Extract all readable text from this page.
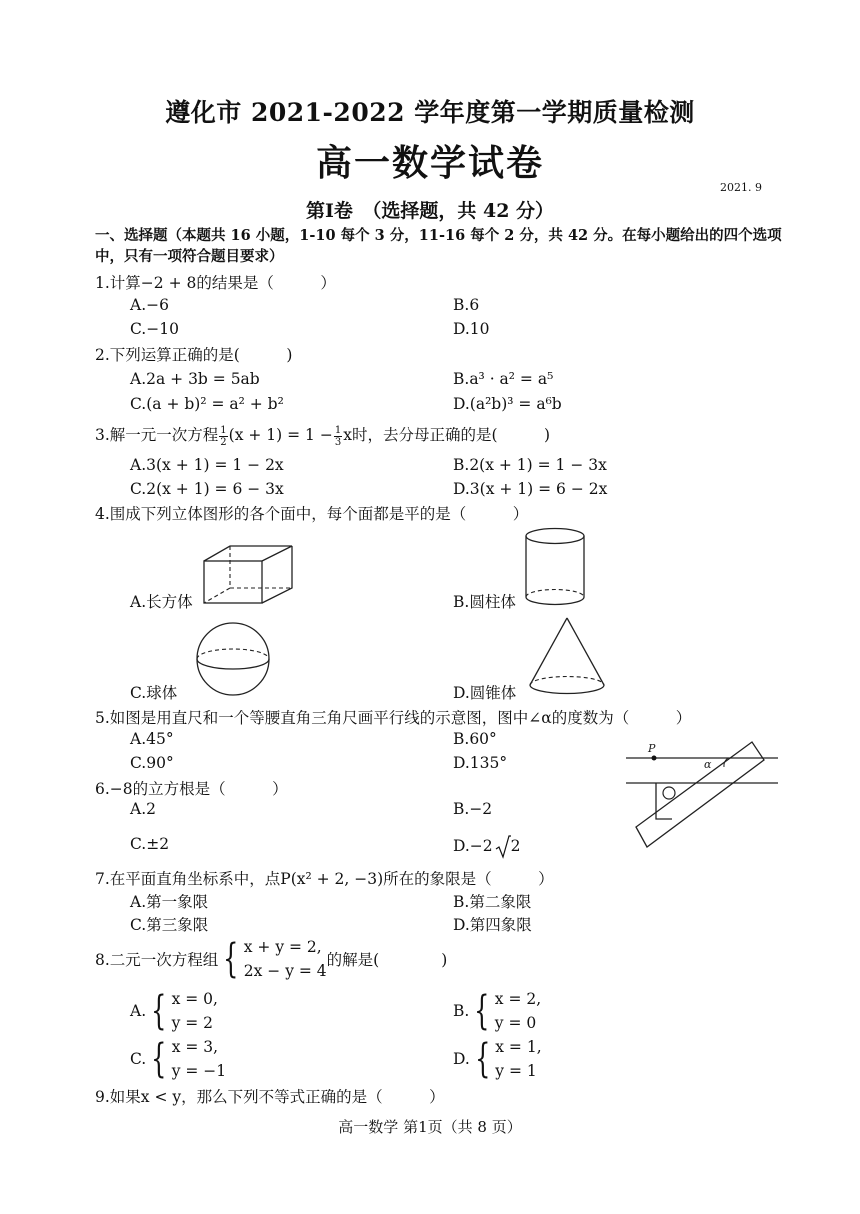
遵化市 2021-2022 学年度第一学期质量检测
高一数学试卷
2021. 9
第Ⅰ卷　（选择题，共 42 分）
一、选择题（本题共 16 小题，1-10 每个 3 分，11-16 每个 2 分，共 42 分。在每小题给出的四个选项中，只有一项符合题目要求）
1.计算−2 + 8的结果是（　　　）
A.−6	B.6
C.−10	D.10
2.下列运算正确的是(　　　)
A.2a + 3b = 5ab	B.a³ · a² = a⁵
C.(a + b)² = a² + b²	D.(a²b)³ = a⁶b
3.解一元一次方程 $\frac{1}{2} (x + 1) = 1 - \frac{1}{3}$ x时，去分母正确的是(　　　)
A.3(x + 1) = 1 − 2x	B.2(x + 1) = 1 − 3x
C.2(x + 1) = 6 − 3x	D.3(x + 1) = 6 − 2x
4.围成下列立体图形的各个面中，每个面都是平的是（　　　）
A.长方体	B.圆柱体
C.球体	D.圆锥体
5.如图是用直尺和一个等腰直角三角尺画平行线的示意图，图中∠α的度数为（　　　）
A.45°	B.60°
C.90°	D.135°
P
α
6.−8的立方根是（　　　）
A.2	B.−2
C.±2	D.−2 2
7.在平面直角坐标系中，点P(x² + 2, −3)所在的象限是（　　　）
A.第一象限	B.第二象限
C.第三象限	D.第四象限
8.二元一次方程组 { x + y = 2,
2x − y = 4
的解是(　　　　)
A. { x = 0,
y = 2
B. { x = 2,
y = 0
C. { x = 3,
y = −1
D. { x = 1,
y = 1
9.如果x < y，那么下列不等式正确的是（　　　）
高一数学 第1页（共 8 页）
